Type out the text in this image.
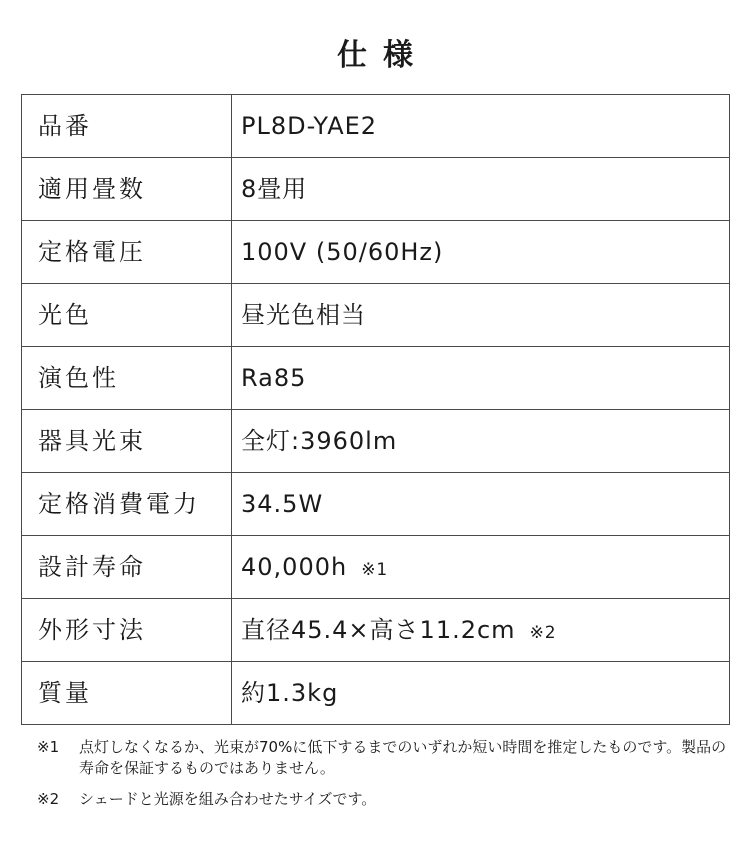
仕様
品番	PL8D-YAE2
適用畳数	8畳用
定格電圧	100V (50/60Hz)
光色	昼光色相当
演色性	Ra85
器具光束	全灯:3960lm
定格消費電力	34.5W
設計寿命	40,000h ※1
外形寸法	直径45.4×高さ11.2cm ※2
質量	約1.3kg
※1 点灯しなくなるか、光束が70%に低下するまでのいずれか短い時間を推定したものです。製品の寿命を保証するものではありません。
※2 シェードと光源を組み合わせたサイズです。
